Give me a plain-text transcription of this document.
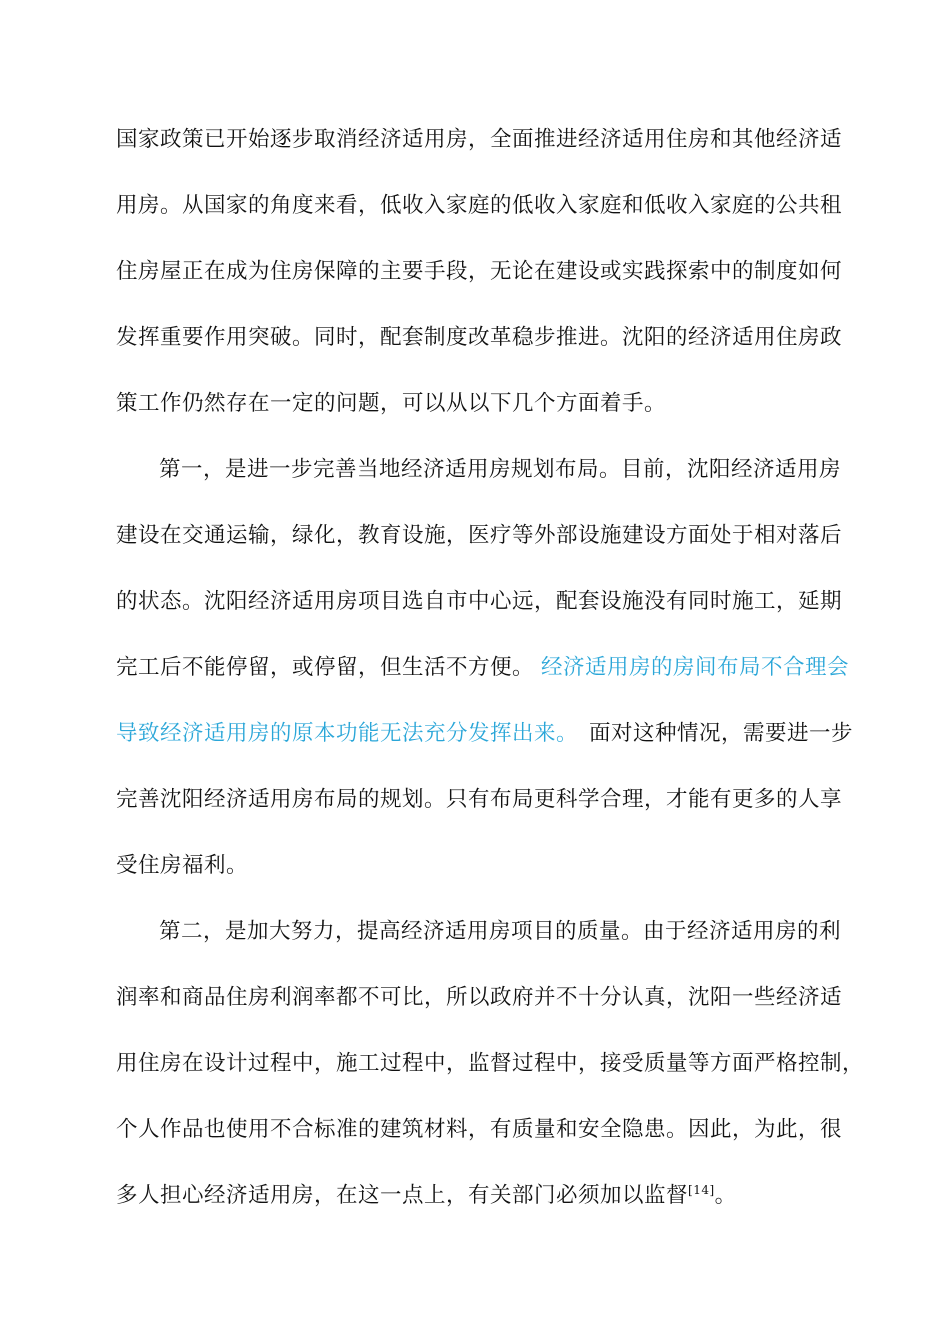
国家政策已开始逐步取消经济适用房，全面推进经济适用住房和其他经济适
用房。从国家的角度来看，低收入家庭的低收入家庭和低收入家庭的公共租
住房屋正在成为住房保障的主要手段，无论在建设或实践探索中的制度如何
发挥重要作用突破。同时，配套制度改革稳步推进。沈阳的经济适用住房政
策工作仍然存在一定的问题，可以从以下几个方面着手。
第一，是进一步完善当地经济适用房规划布局。目前，沈阳经济适用房
建设在交通运输，绿化，教育设施，医疗等外部设施建设方面处于相对落后
的状态。沈阳经济适用房项目选自市中心远，配套设施没有同时施工，延期
完工后不能停留，或停留，但生活不方便。 经济适用房的房间布局不合理会
导致经济适用房的原本功能无法充分发挥出来。 面对这种情况，需要进一步
完善沈阳经济适用房布局的规划。只有布局更科学合理，才能有更多的人享
受住房福利。
第二，是加大努力，提高经济适用房项目的质量。由于经济适用房的利
润率和商品住房利润率都不可比，所以政府并不十分认真，沈阳一些经济适
用住房在设计过程中，施工过程中，监督过程中，接受质量等方面严格控制，
个人作品也使用不合标准的建筑材料，有质量和安全隐患。因此，为此，很
多人担心经济适用房，在这一点上，有关部门必须加以监督[14]。
